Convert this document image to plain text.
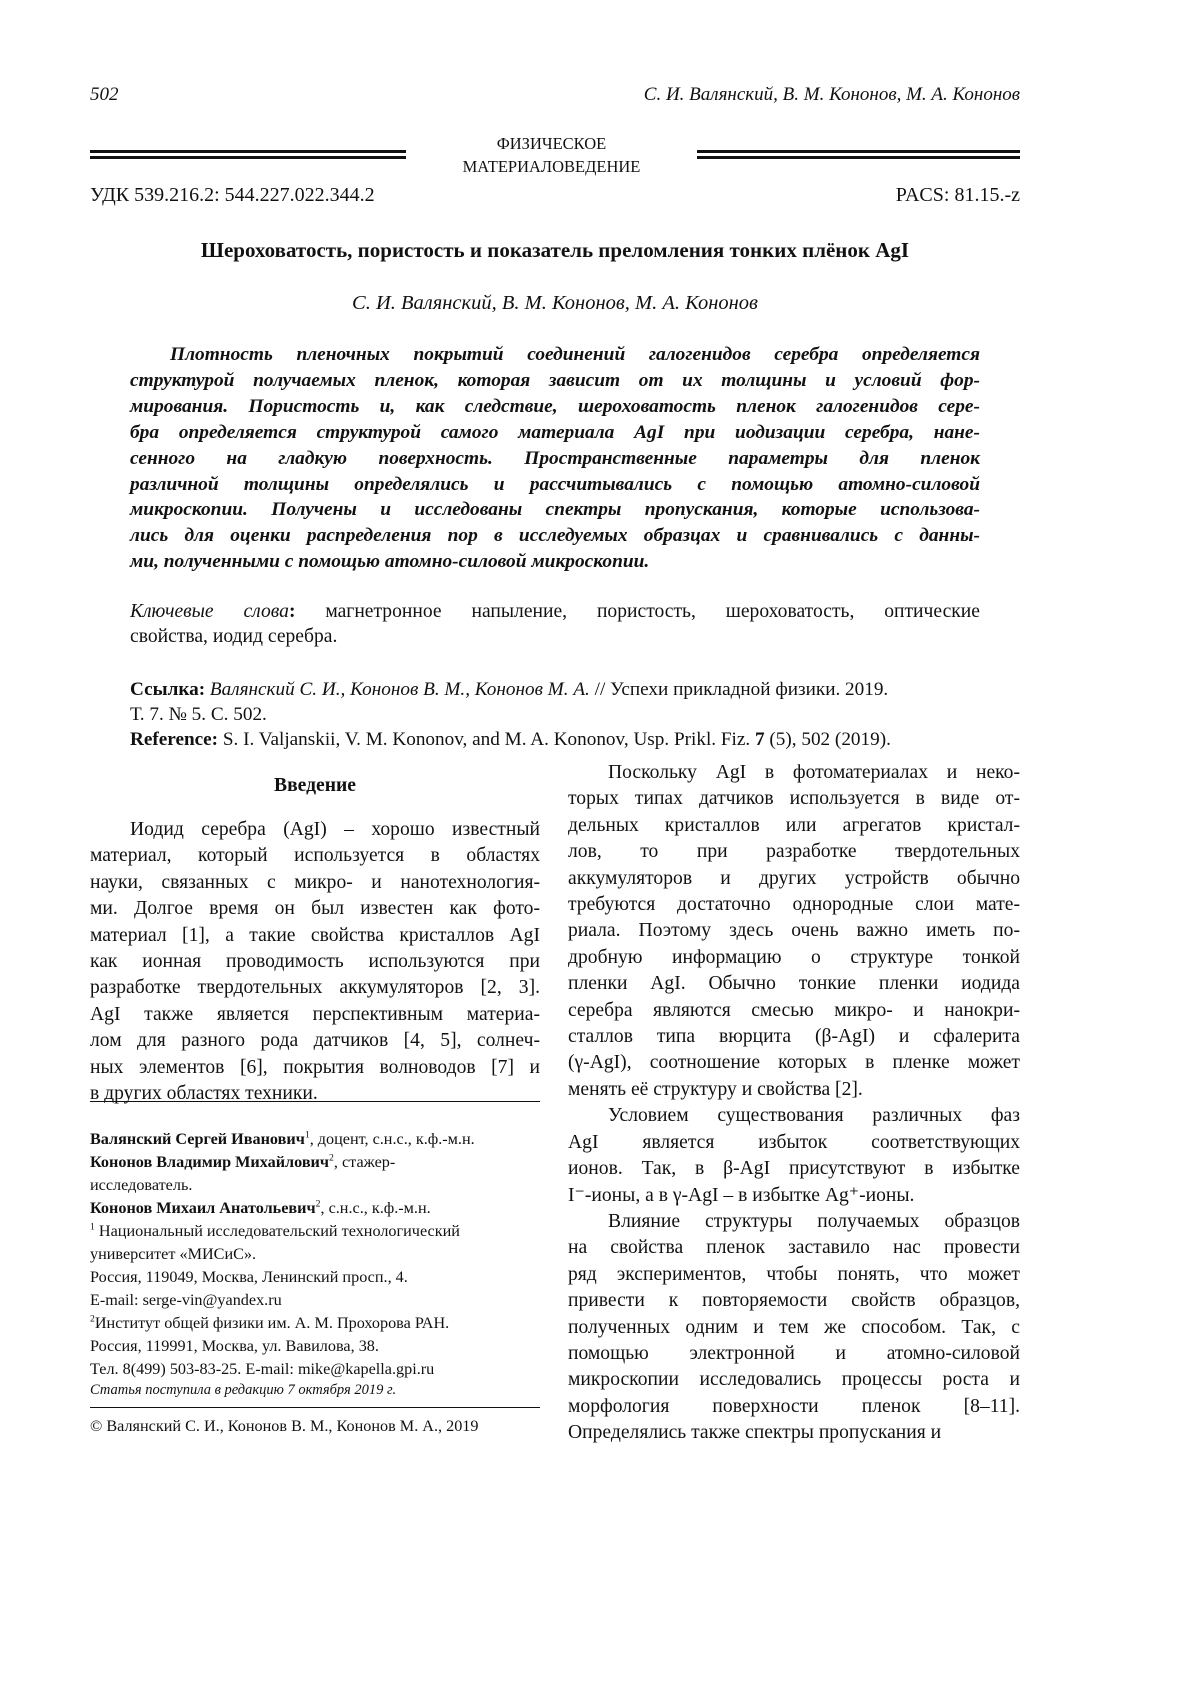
502	С. И. Валянский, В. М. Кононов, М. А. Кононов
ФИЗИЧЕСКОЕ
МАТЕРИАЛОВЕДЕНИЕ
УДК 539.216.2: 544.227.022.344.2	PACS: 81.15.-z
Шероховатость, пористость и показатель преломления тонких плёнок AgI
С. И. Валянский, В. М. Кононов, М. А. Кононов
Плотность пленочных покрытий соединений галогенидов серебра определяется
структурой получаемых пленок, которая зависит от их толщины и условий фор-
мирования. Пористость и, как следствие, шероховатость пленок галогенидов сере-
бра определяется структурой самого материала AgI при иодизации серебра, нане-
сенного на гладкую поверхность. Пространственные параметры для пленок
различной толщины определялись и рассчитывались с помощью атомно-силовой
микроскопии. Получены и исследованы спектры пропускания, которые использова-
лись для оценки распределения пор в исследуемых образцах и сравнивались с данны-
ми, полученными с помощью атомно-силовой микроскопии.
Ключевые слова: магнетронное напыление, пористость, шероховатость, оптические
свойства, иодид серебра.
Ссылка: Валянский С. И., Кононов В. М., Кононов М. А. // Успехи прикладной физики. 2019.
Т. 7. № 5. С. 502.
Reference: S. I. Valjanskii, V. M. Kononov, and M. A. Kononov, Usp. Prikl. Fiz. 7 (5), 502 (2019).
Введение
Иодид серебра (AgI) – хорошо известный
материал, который используется в областях
науки, связанных с микро- и нанотехнология-
ми. Долгое время он был известен как фото-
материал [1], а такие свойства кристаллов AgI
как ионная проводимость используются при
разработке твердотельных аккумуляторов [2, 3].
AgI также является перспективным материа-
лом для разного рода датчиков [4, 5], солнеч-
ных элементов [6], покрытия волноводов [7] и
в других областях техники.
Поскольку AgI в фотоматериалах и неко-
торых типах датчиков используется в виде от-
дельных кристаллов или агрегатов кристал-
лов, то при разработке твердотельных
аккумуляторов и других устройств обычно
требуются достаточно однородные слои мате-
риала. Поэтому здесь очень важно иметь по-
дробную информацию о структуре тонкой
пленки AgI. Обычно тонкие пленки иодида
серебра являются смесью микро- и нанокри-
сталлов типа вюрцита (β-AgI) и сфалерита
(γ-AgI), соотношение которых в пленке может
менять её структуру и свойства [2].
Условием существования различных фаз
AgI является избыток соответствующих
ионов. Так, в β-AgI присутствуют в избытке
I⁻-ионы, а в γ-AgI – в избытке Ag⁺-ионы.
Влияние структуры получаемых образцов
на свойства пленок заставило нас провести
ряд экспериментов, чтобы понять, что может
привести к повторяемости свойств образцов,
полученных одним и тем же способом. Так, с
помощью электронной и атомно-силовой
микроскопии исследовались процессы роста и
морфология поверхности пленок [8–11].
Определялись также спектры пропускания и
Валянский Сергей Иванович1, доцент, с.н.с., к.ф.-м.н.
Кононов Владимир Михайлович2, стажер-
исследователь.
Кононов Михаил Анатольевич2, с.н.с., к.ф.-м.н.
1 Национальный исследовательский технологический
университет «МИСиС».
Россия, 119049, Москва, Ленинский просп., 4.
E-mail: serge-vin@yandex.ru
2Институт общей физики им. А. М. Прохорова РАН.
Россия, 119991, Москва, ул. Вавилова, 38.
Тел. 8(499) 503-83-25. E-mail: mike@kapella.gpi.ru
Статья поступила в редакцию 7 октября 2019 г.
© Валянский С. И., Кононов В. М., Кононов М. А., 2019
